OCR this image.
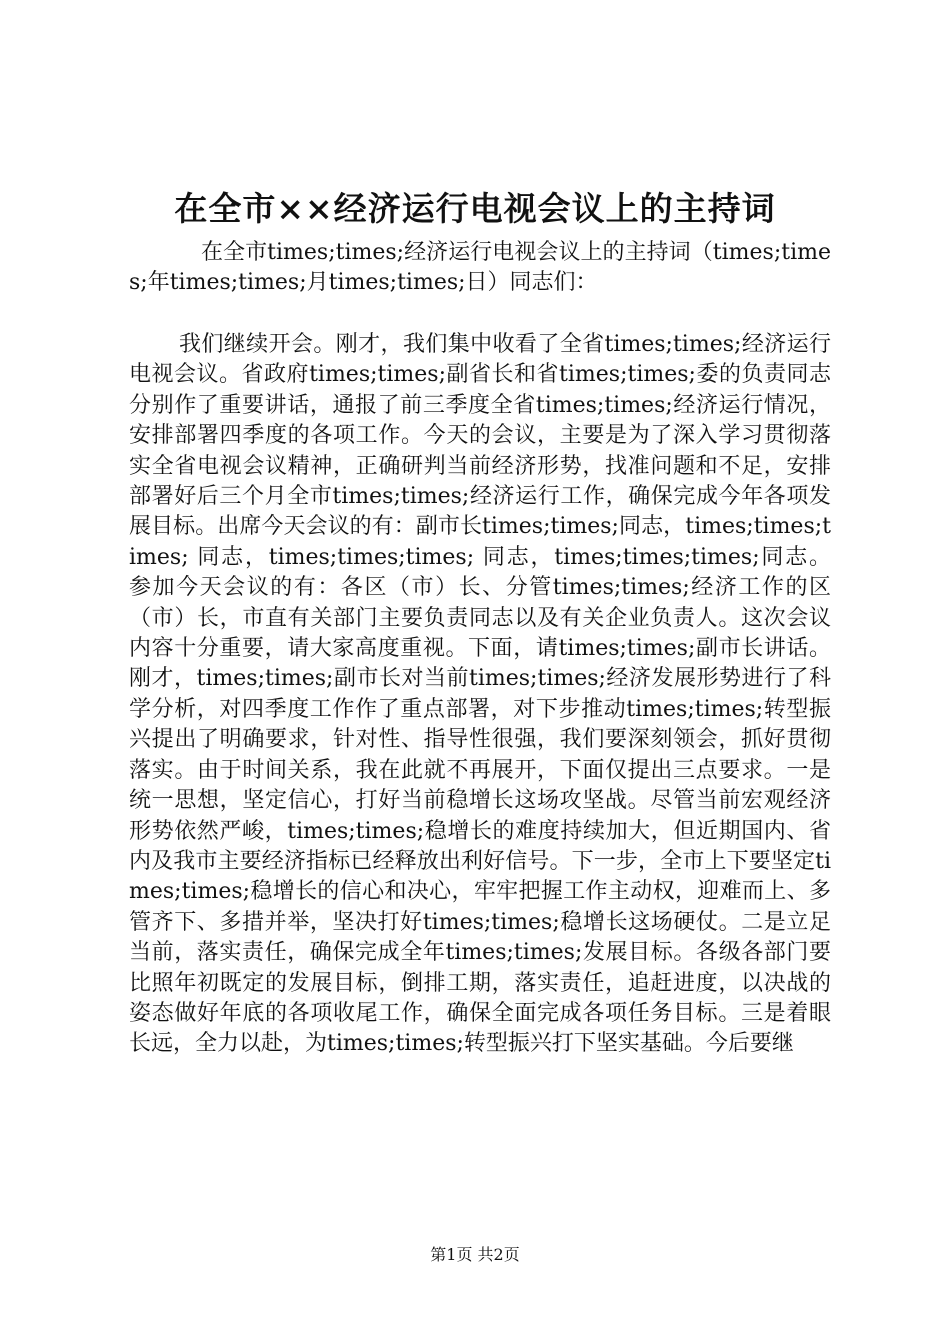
在全市××经济运行电视会议上的主持词
在全市times;times;经济运行电视会议上的主持词（times;times;年times;times;月times;times;日）同志们：
我们继续开会。刚才，我们集中收看了全省times;times;经济运行电视会议。省政府times;times;副省长和省times;times;委的负责同志分别作了重要讲话，通报了前三季度全省times;times;经济运行情况，安排部署四季度的各项工作。今天的会议，主要是为了深入学习贯彻落实全省电视会议精神，正确研判当前经济形势，找准问题和不足，安排部署好后三个月全市times;times;经济运行工作，确保完成今年各项发展目标。出席今天会议的有：副市长times;times;同志，times;times;times; 同志，times;times;times; 同志，times;times;times;同志。参加今天会议的有：各区（市）长、分管times;times;经济工作的区（市）长，市直有关部门主要负责同志以及有关企业负责人。这次会议内容十分重要，请大家高度重视。下面，请times;times;副市长讲话。刚才，times;times;副市长对当前times;times;经济发展形势进行了科学分析，对四季度工作作了重点部署，对下步推动times;times;转型振兴提出了明确要求，针对性、指导性很强，我们要深刻领会，抓好贯彻落实。由于时间关系，我在此就不再展开，下面仅提出三点要求。一是统一思想，坚定信心，打好当前稳增长这场攻坚战。尽管当前宏观经济形势依然严峻，times;times;稳增长的难度持续加大，但近期国内、省内及我市主要经济指标已经释放出利好信号。下一步，全市上下要坚定times;times;稳增长的信心和决心，牢牢把握工作主动权，迎难而上、多管齐下、多措并举，坚决打好times;times;稳增长这场硬仗。二是立足当前，落实责任，确保完成全年times;times;发展目标。各级各部门要比照年初既定的发展目标，倒排工期，落实责任，追赶进度，以决战的姿态做好年底的各项收尾工作，确保全面完成各项任务目标。三是着眼长远，全力以赴，为times;times;转型振兴打下坚实基础。今后要继
第1页 共2页
